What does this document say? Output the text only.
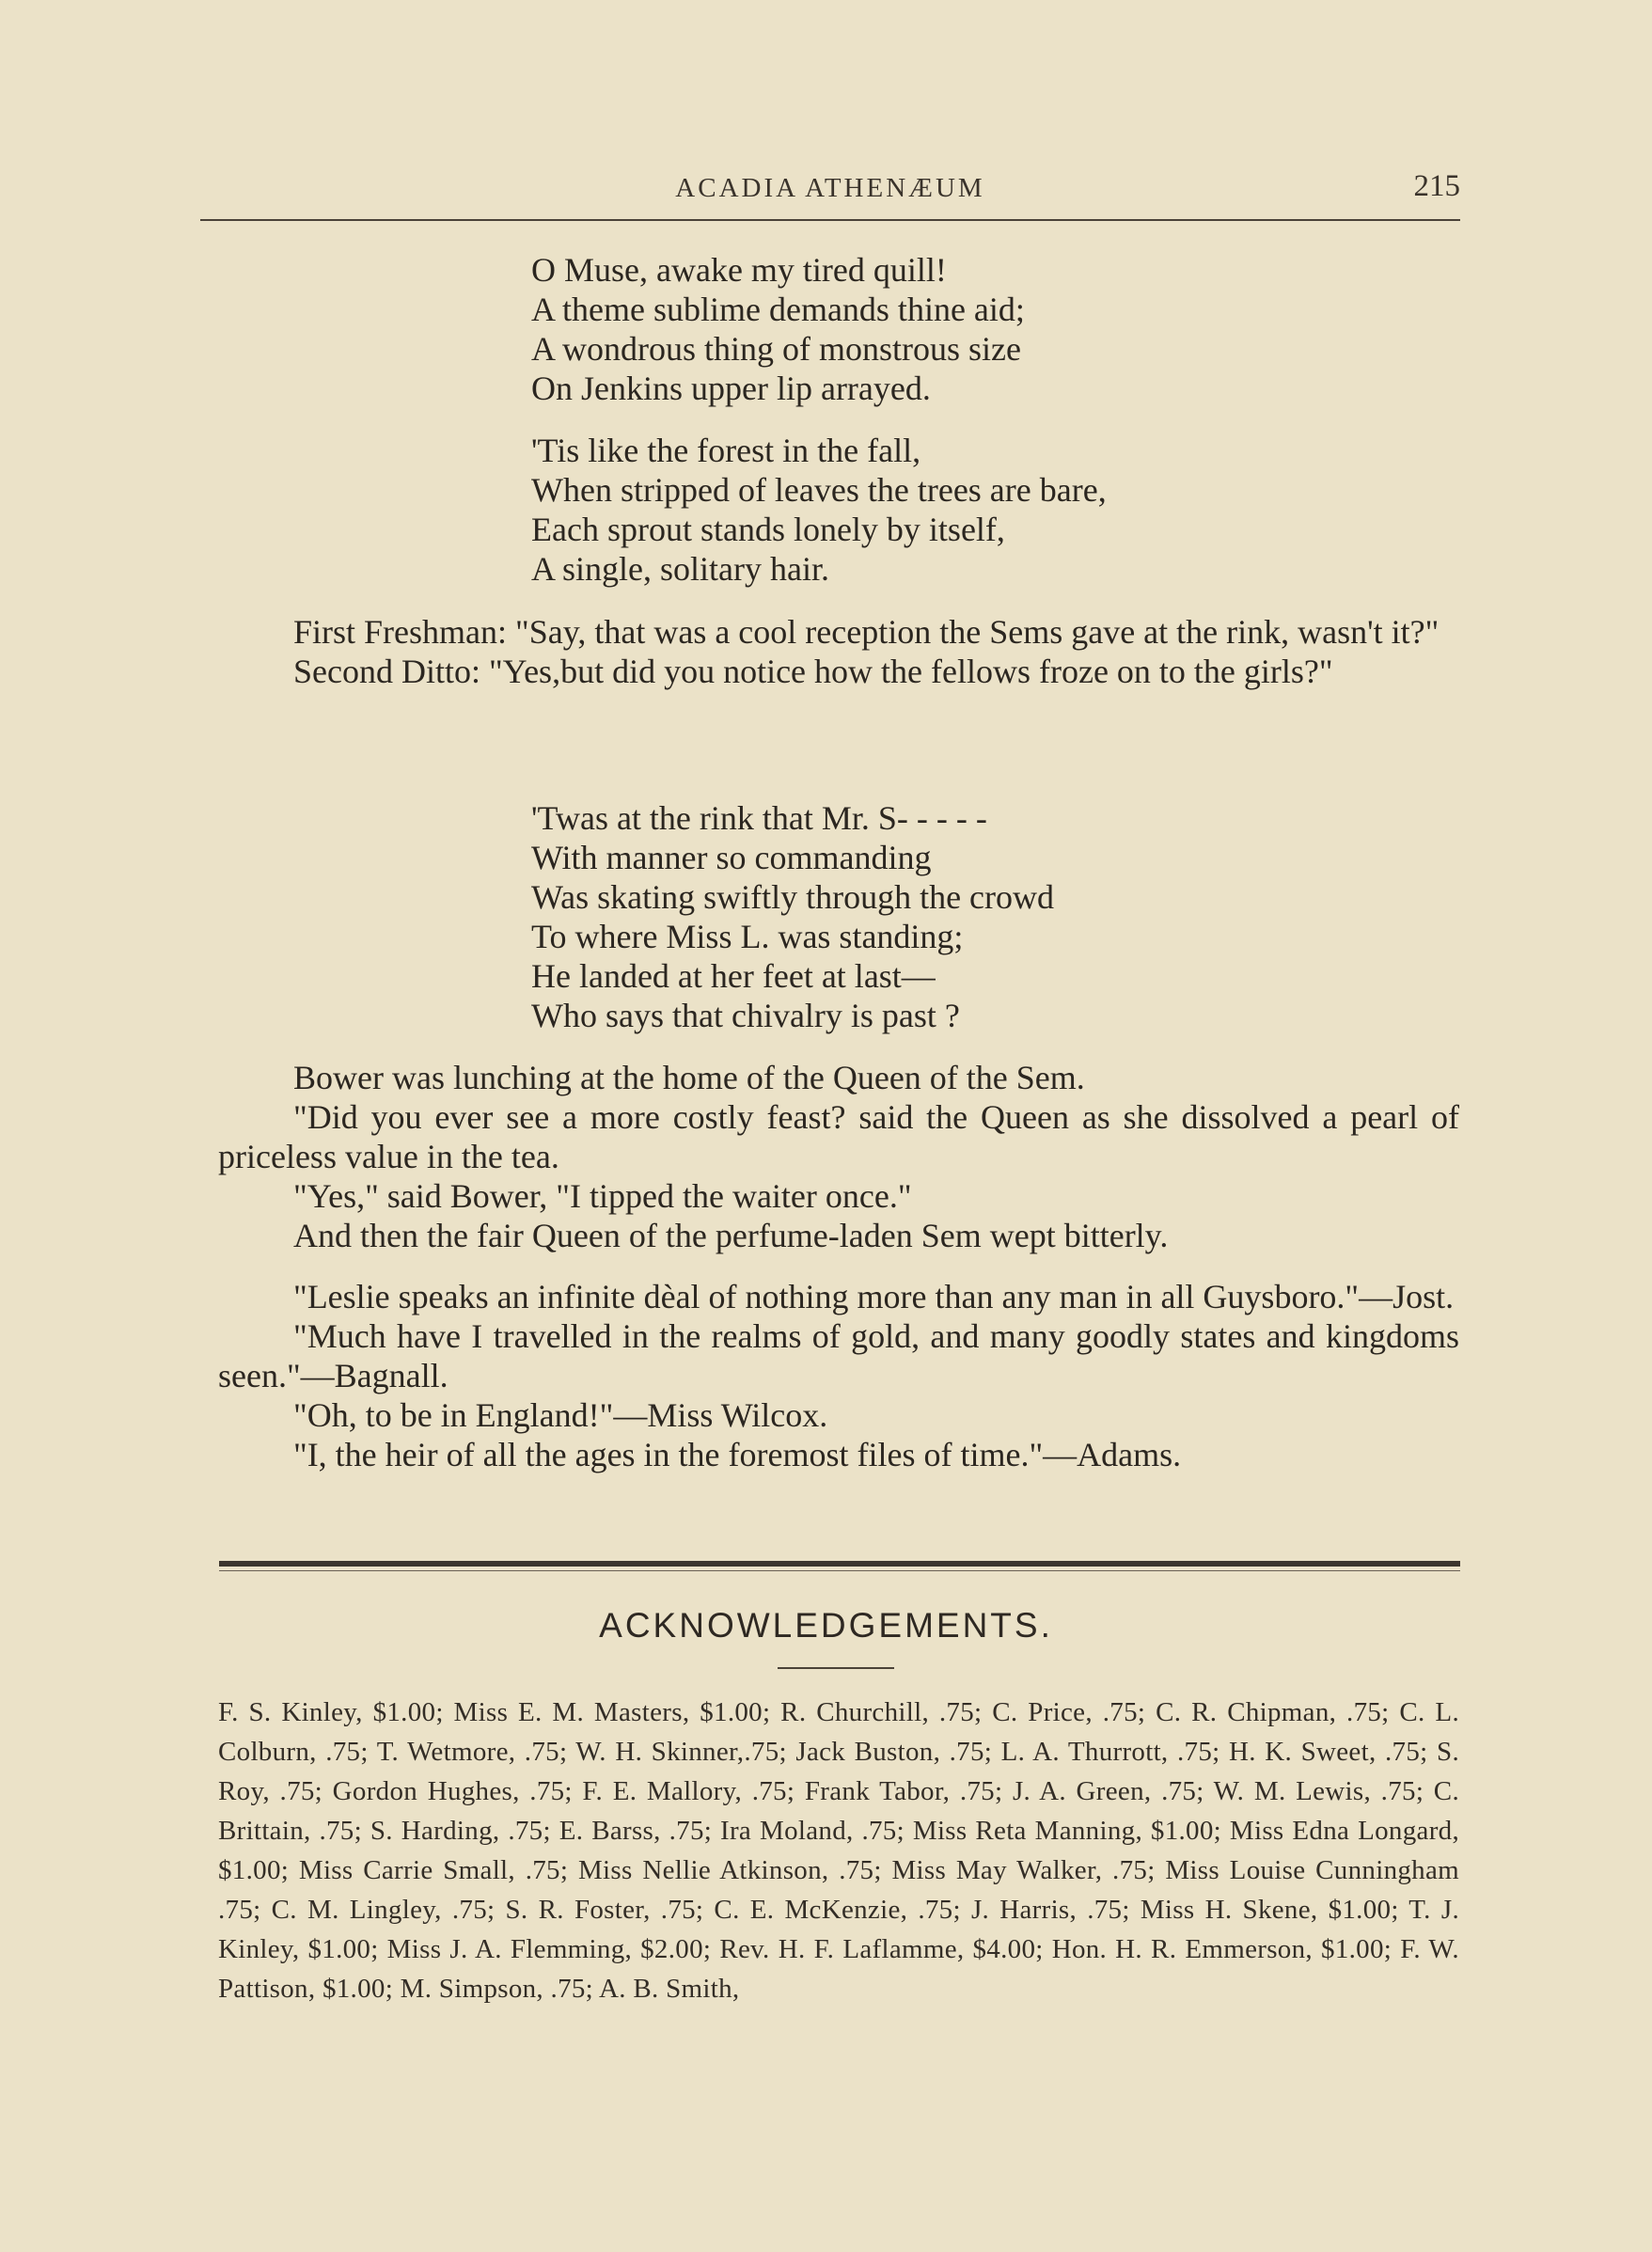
ACADIA ATHENÆUM	215

O Muse, awake my tired quill!

A theme sublime demands thine aid;

A wondrous thing of monstrous size

On Jenkins upper lip arrayed.

'Tis like the forest in the fall,

When stripped of leaves the trees are bare,

Each sprout stands lonely by itself,

A single, solitary hair.

First Freshman: "Say, that was a cool reception the Sems gave at the rink, wasn't it?"

Second Ditto: "Yes,but did you notice how the fellows froze on to the girls?"

'Twas at the rink that Mr. S- - - - -

With manner so commanding

Was skating swiftly through the crowd

To where Miss L. was standing;

He landed at her feet at last—

Who says that chivalry is past ?

Bower was lunching at the home of the Queen of the Sem.

"Did you ever see a more costly feast? said the Queen as she dissolved a pearl of priceless value in the tea.

"Yes," said Bower, "I tipped the waiter once."

And then the fair Queen of the perfume-laden Sem wept bitterly.

"Leslie speaks an infinite dèal of nothing more than any man in all Guysboro."—Jost.

"Much have I travelled in the realms of gold, and many goodly states and kingdoms seen."—Bagnall.

"Oh, to be in England!"—Miss Wilcox.

"I, the heir of all the ages in the foremost files of time."—Adams.

ACKNOWLEDGEMENTS.
F. S. Kinley, $1.00; Miss E. M. Masters, $1.00; R. Churchill, .75; C. Price, .75; C. R. Chipman, .75; C. L. Colburn, .75; T. Wetmore, .75; W. H. Skinner,.75; Jack Buston, .75; L. A. Thurrott, .75; H. K. Sweet, .75; S. Roy, .75; Gordon Hughes, .75; F. E. Mallory, .75; Frank Tabor, .75; J. A. Green, .75; W. M. Lewis, .75; C. Brittain, .75; S. Harding, .75; E. Barss, .75; Ira Moland, .75; Miss Reta Manning, $1.00; Miss Edna Longard, $1.00; Miss Carrie Small, .75; Miss Nellie Atkinson, .75; Miss May Walker, .75; Miss Louise Cunningham .75; C. M. Lingley, .75; S. R. Foster, .75; C. E. McKenzie, .75; J. Harris, .75; Miss H. Skene, $1.00; T. J. Kinley, $1.00; Miss J. A. Flemming, $2.00; Rev. H. F. Laflamme, $4.00; Hon. H. R. Emmerson, $1.00; F. W. Pattison, $1.00; M. Simpson, .75; A. B. Smith,
